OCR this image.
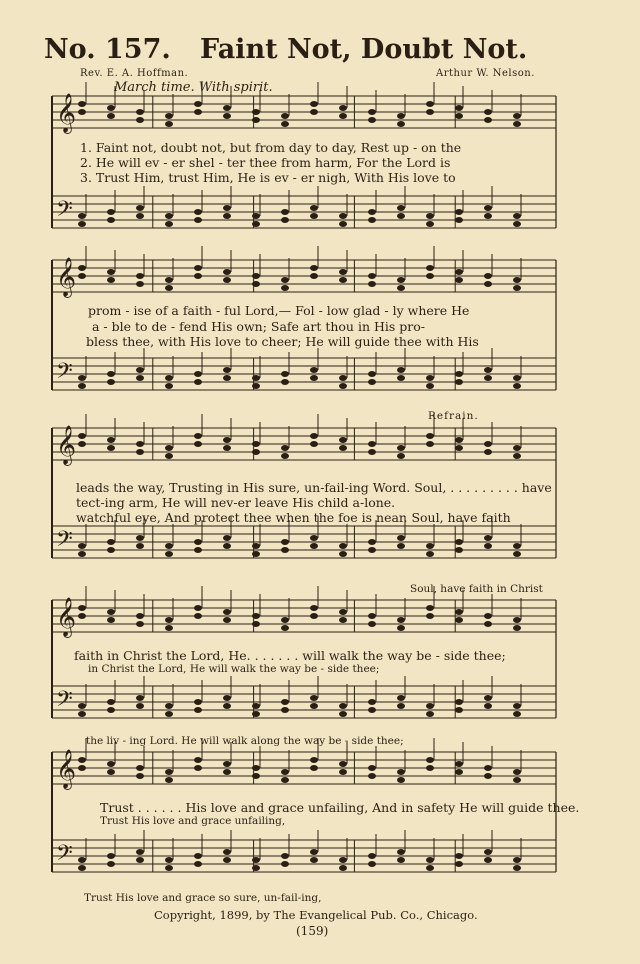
No. 157. Faint Not, Doubt Not.
Rev. E. A. Hoffman.	Arthur W. Nelson.
March time. With spirit.
𝄞
𝄢
𝄞
𝄢
𝄞
𝄢
𝄞
𝄢
𝄞
𝄢
1. Faint not, doubt not, but from day to day, Rest up - on the
2. He will ev - er shel - ter thee from harm, For the Lord is
3. Trust Him, trust Him, He is ev - er nigh, With His love to
prom - ise of a faith - ful Lord,— Fol - low glad - ly where He
a - ble to de - fend His own; Safe art thou in His pro-
bless thee, with His love to cheer; He will guide thee with His
Refrain.
leads the way, Trusting in His sure, un-fail-ing Word. Soul, . . . . . . . . . have
tect-ing arm, He will nev-er leave His child a-lone.
watchful eye, And protect thee when the foe is near. Soul, have faith
Soul, have faith in Christ
faith in Christ the Lord, He. . . . . . . will walk the way be - side thee;
in Christ the Lord, He will walk the way be - side thee;
the liv - ing Lord. He will walk along the way be - side thee;
Trust . . . . . . His love and grace unfailing, And in safety He will guide thee.
Trust His love and grace unfailing,
Trust His love and grace so sure, un-fail-ing,
Copyright, 1899, by The Evangelical Pub. Co., Chicago.
(159)
